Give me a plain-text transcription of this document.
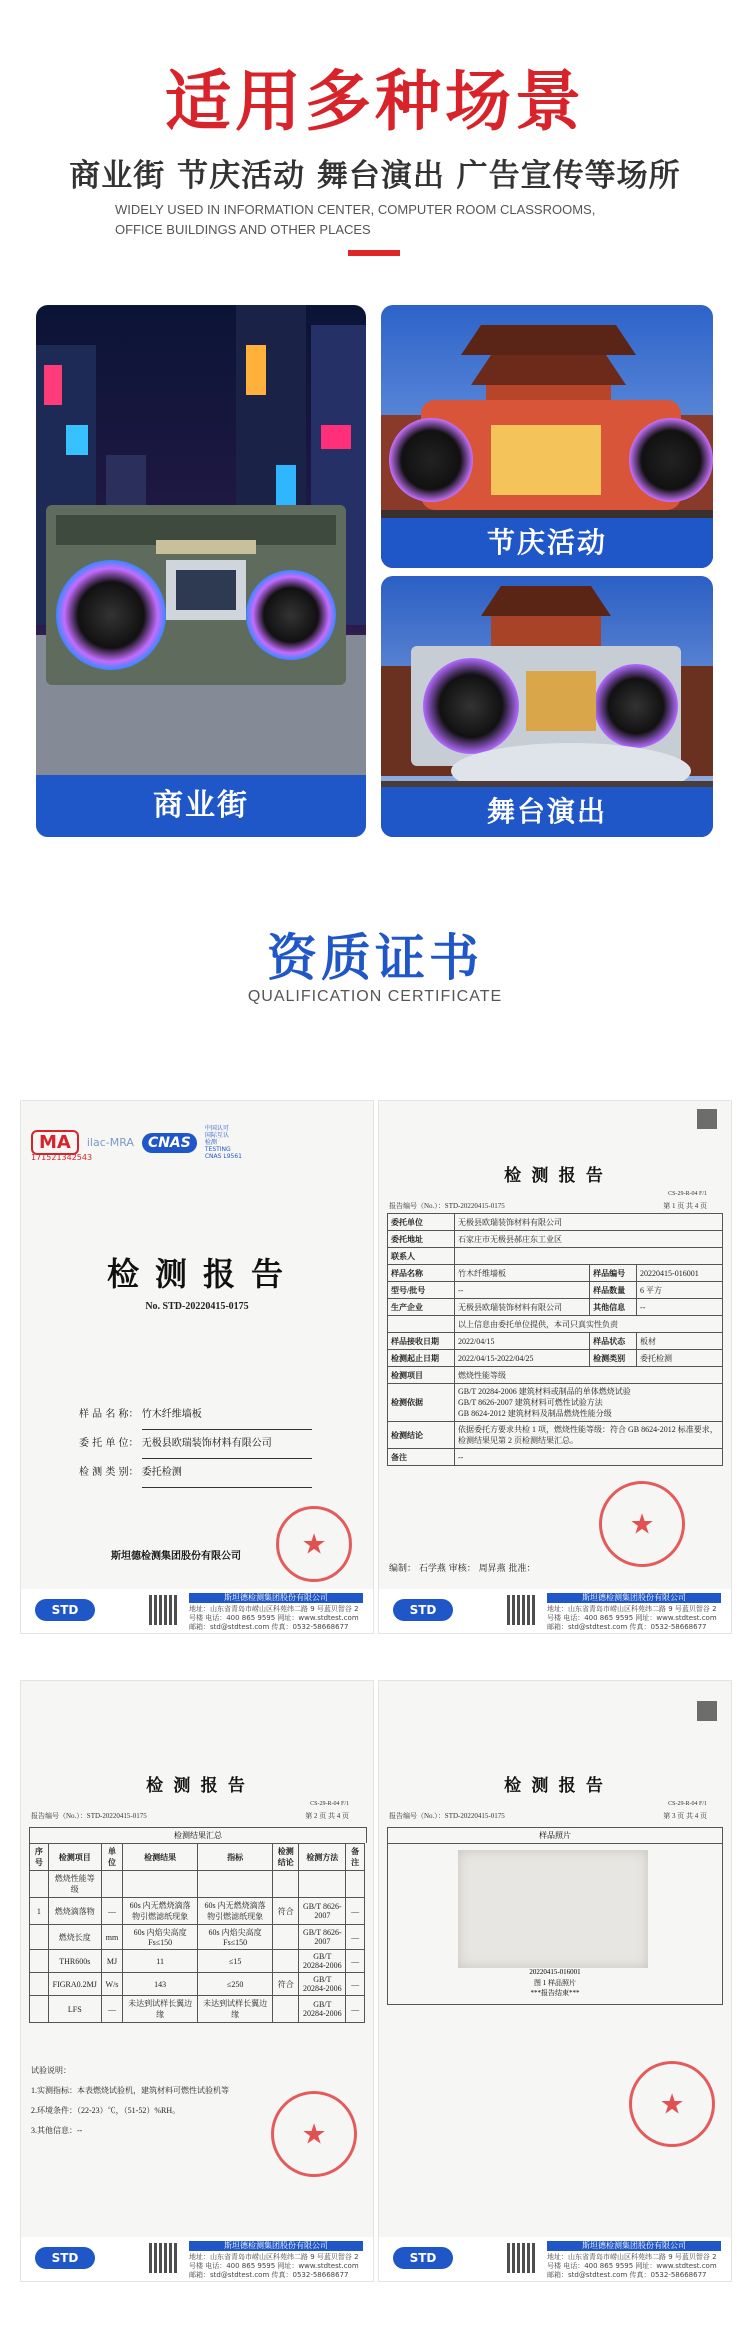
适用多种场景
商业街 节庆活动 舞台演出 广告宣传等场所
WIDELY USED IN INFORMATION CENTER, COMPUTER ROOM CLASSROOMS,
OFFICE BUILDINGS AND OTHER PLACES
商业街
节庆活动
舞台演出
资质证书
QUALIFICATION CERTIFICATE
MA	ilac-MRA	CNAS
中国认可
国际互认
检测
TESTING
CNAS L9561
171521342543
检 测 报 告
No. STD-20220415-0175
样 品 名 称： 竹木纤维墙板
委 托 单 位： 无极县欧瑞装饰材料有限公司
检 测 类 别： 委托检测
斯坦德检测集团股份有限公司
★
STD
斯坦德检测集团股份有限公司
地址：山东省青岛市崂山区科苑纬二路 9 号蓝贝智谷 2 号楼 电话：400 865 9595 网址：www.stdtest.com 邮箱：std@stdtest.com 传真：0532-58668677
检 测 报 告
CS-29-R-04 F/1
报告编号（No.）：STD-20220415-0175	第 1 页 共 4 页
委托单位	无极县欧瑞装饰材料有限公司		
委托地址	石家庄市无极县郝庄东工业区		
联系人			
样品名称	竹木纤维墙板	样品编号	20220415-016001
型号/批号	--	样品数量	6 平方
生产企业	无极县欧瑞装饰材料有限公司	其他信息	--
	以上信息由委托单位提供，本司只真实性负责		
样品接收日期	2022/04/15	样品状态	板材
检测起止日期	2022/04/15-2022/04/25	检测类别	委托检测
检测项目	燃烧性能等级		
检测依据	GB/T 20284-2006 建筑材料或制品的单体燃烧试验
GB/T 8626-2007 建筑材料可燃性试验方法
GB 8624-2012 建筑材料及制品燃烧性能分级		
检测结论	依据委托方要求共检 1 项，燃烧性能等级：符合 GB 8624-2012 标准要求，检测结果见第 2 页检测结果汇总。		
备注	--		
编制： 石学燕 审核： 周昇燕 批准：
★
STD
斯坦德检测集团股份有限公司
地址：山东省青岛市崂山区科苑纬二路 9 号蓝贝智谷 2 号楼 电话：400 865 9595 网址：www.stdtest.com 邮箱：std@stdtest.com 传真：0532-58668677
检 测 报 告
CS-29-R-04 F/1
报告编号（No.）：STD-20220415-0175	第 2 页 共 4 页
检测结果汇总
序号	检测项目	单位	检测结果	指标	检测结论	检测方法	备注
	燃烧性能等级						
1	燃烧滴落物	—	60s 内无燃烧滴落物引燃滤纸现象	60s 内无燃烧滴落物引燃滤纸现象	符合	GB/T 8626-2007	—
	燃烧长度	mm	60s 内焰尖高度 Fs≤150	60s 内焰尖高度 Fs≤150		GB/T 8626-2007	—
	THR600s	MJ	11	≤15		GB/T 20284-2006	—
	FIGRA0.2MJ	W/s	143	≤250	符合	GB/T 20284-2006	—
	LFS	—	未达到试样长翼边缘	未达到试样长翼边缘		GB/T 20284-2006	—
试验说明：
1.实测指标：本表燃烧试验机，建筑材料可燃性试验机等
2.环境条件：（22-23）℃，（51-52）%RH。
3.其他信息：--
★
STD
斯坦德检测集团股份有限公司
地址：山东省青岛市崂山区科苑纬二路 9 号蓝贝智谷 2 号楼 电话：400 865 9595 网址：www.stdtest.com 邮箱：std@stdtest.com 传真：0532-58668677
检 测 报 告
CS-29-R-04 F/1
报告编号（No.）：STD-20220415-0175	第 3 页 共 4 页
样品照片
20220415-016001
图 1 样品照片
***报告结束***
★
STD
斯坦德检测集团股份有限公司
地址：山东省青岛市崂山区科苑纬二路 9 号蓝贝智谷 2 号楼 电话：400 865 9595 网址：www.stdtest.com 邮箱：std@stdtest.com 传真：0532-58668677
